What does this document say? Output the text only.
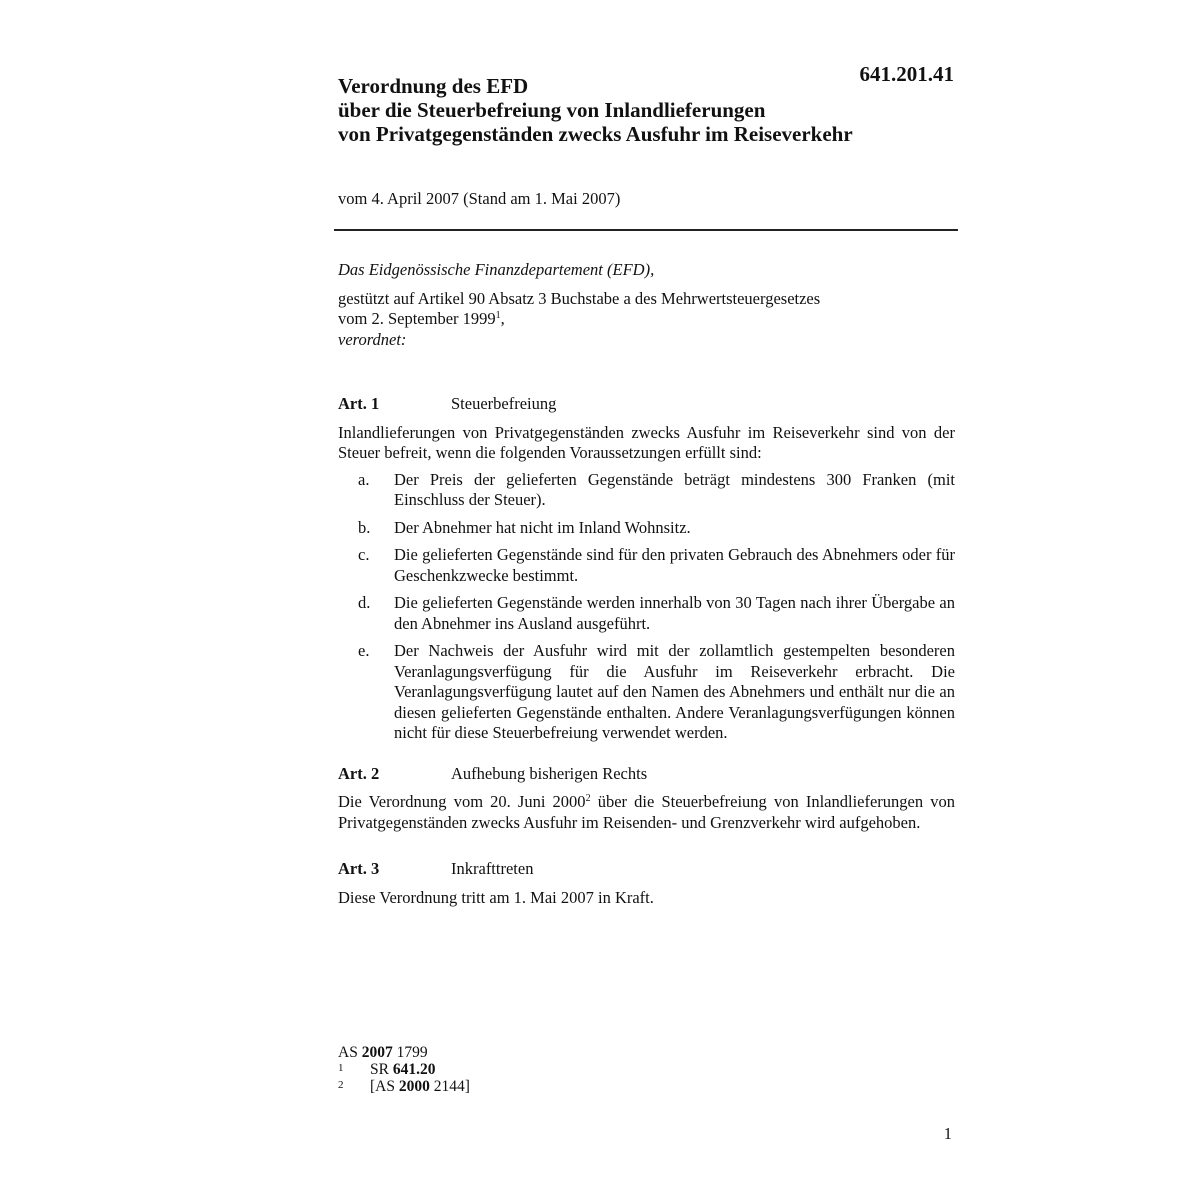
641.201.41
Verordnung des EFD
über die Steuerbefreiung von Inlandlieferungen
von Privatgegenständen zwecks Ausfuhr im Reiseverkehr
vom 4. April 2007 (Stand am 1. Mai 2007)

Das Eidgenössische Finanzdepartement (EFD),

gestützt auf Artikel 90 Absatz 3 Buchstabe a des Mehrwertsteuergesetzes
vom 2. September 1999$^1$,

verordnet:

Art. 1	Steuerbefreiung

Inlandlieferungen von Privatgegenständen zwecks Ausfuhr im Reiseverkehr sind von der Steuer befreit, wenn die folgenden Voraussetzungen erfüllt sind:

a.	Der Preis der gelieferten Gegenstände beträgt mindestens 300 Franken (mit Einschluss der Steuer).
b.	Der Abnehmer hat nicht im Inland Wohnsitz.
c.	Die gelieferten Gegenstände sind für den privaten Gebrauch des Abnehmers oder für Geschenkzwecke bestimmt.
d.	Die gelieferten Gegenstände werden innerhalb von 30 Tagen nach ihrer Übergabe an den Abnehmer ins Ausland ausgeführt.
e.	Der Nachweis der Ausfuhr wird mit der zollamtlich gestempelten besonderen Veranlagungsverfügung für die Ausfuhr im Reiseverkehr erbracht. Die Veranlagungsverfügung lautet auf den Namen des Abnehmers und enthält nur die an diesen gelieferten Gegenstände enthalten. Andere Veranlagungsverfügungen können nicht für diese Steuerbefreiung verwendet werden.
Art. 2	Aufhebung bisherigen Rechts

Die Verordnung vom 20. Juni 2000$^2$ über die Steuerbefreiung von Inlandlieferungen von Privatgegenständen zwecks Ausfuhr im Reisenden- und Grenzverkehr wird aufgehoben.

Art. 3	Inkrafttreten

Diese Verordnung tritt am 1. Mai 2007 in Kraft.

AS 2007 1799
1	SR 641.20
2	[AS 2000 2144]
1
